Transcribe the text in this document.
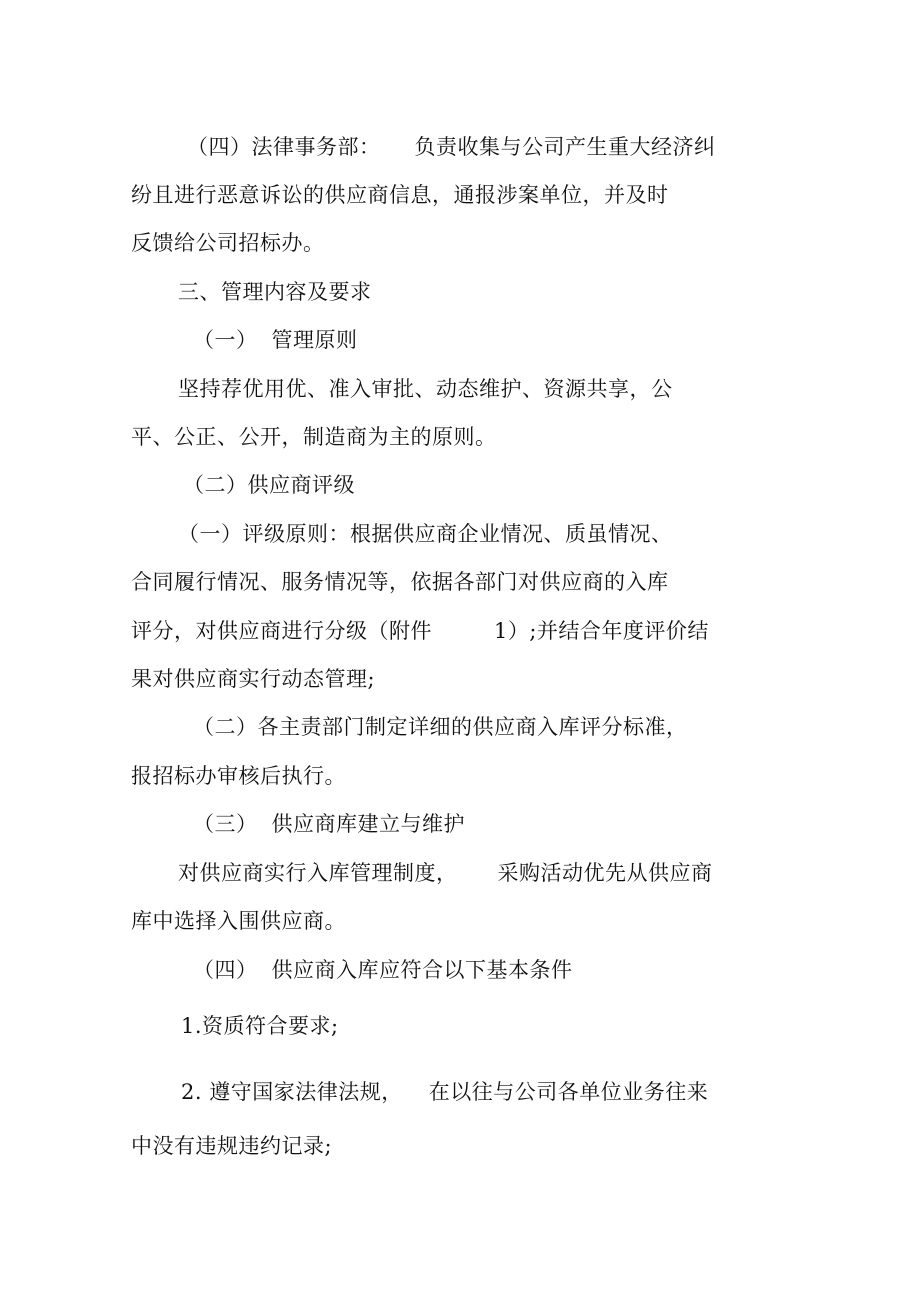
（四）法律事务部： 负责收集与公司产生重大经济纠
纷且进行恶意诉讼的供应商信息，通报涉案单位，并及时
反馈给公司招标办。
三、管理内容及要求
（一） 管理原则
坚持荐优用优、准入审批、动态维护、资源共享，公
平、公正、公开，制造商为主的原则。
（二）供应商评级
（一）评级原则：根据供应商企业情况、质虽情况、
合同履行情况、服务情况等，依据各部门对供应商的入库
评分，对供应商进行分级（附件	1）;并结合年度评价结
果对供应商实行动态管理;
（二）各主责部门制定详细的供应商入库评分标准，
报招标办审核后执行。
（三） 供应商库建立与维护
对供应商实行入库管理制度， 采购活动优先从供应商
库中选择入围供应商。
（四） 供应商入库应符合以下基本条件
1.资质符合要求;
2. 遵守国家法律法规， 在以往与公司各单位业务往来
中没有违规违约记录;
